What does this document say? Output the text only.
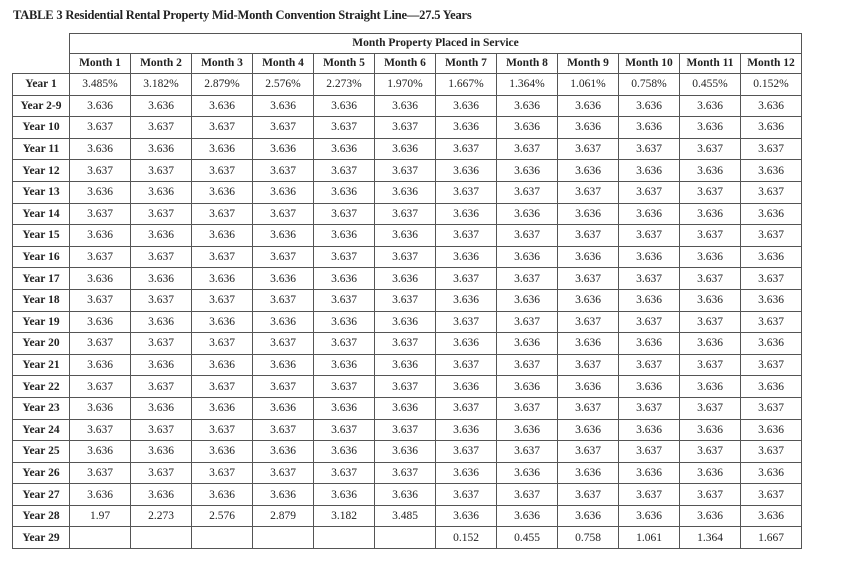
TABLE 3 Residential Rental Property Mid-Month Convention Straight Line—27.5 Years
	Month Property Placed in Service											
	Month 1	Month 2	Month 3	Month 4	Month 5	Month 6	Month 7	Month 8	Month 9	Month 10	Month 11	Month 12
Year 1	3.485%	3.182%	2.879%	2.576%	2.273%	1.970%	1.667%	1.364%	1.061%	0.758%	0.455%	0.152%
Year 2-9	3.636	3.636	3.636	3.636	3.636	3.636	3.636	3.636	3.636	3.636	3.636	3.636
Year 10	3.637	3.637	3.637	3.637	3.637	3.637	3.636	3.636	3.636	3.636	3.636	3.636
Year 11	3.636	3.636	3.636	3.636	3.636	3.636	3.637	3.637	3.637	3.637	3.637	3.637
Year 12	3.637	3.637	3.637	3.637	3.637	3.637	3.636	3.636	3.636	3.636	3.636	3.636
Year 13	3.636	3.636	3.636	3.636	3.636	3.636	3.637	3.637	3.637	3.637	3.637	3.637
Year 14	3.637	3.637	3.637	3.637	3.637	3.637	3.636	3.636	3.636	3.636	3.636	3.636
Year 15	3.636	3.636	3.636	3.636	3.636	3.636	3.637	3.637	3.637	3.637	3.637	3.637
Year 16	3.637	3.637	3.637	3.637	3.637	3.637	3.636	3.636	3.636	3.636	3.636	3.636
Year 17	3.636	3.636	3.636	3.636	3.636	3.636	3.637	3.637	3.637	3.637	3.637	3.637
Year 18	3.637	3.637	3.637	3.637	3.637	3.637	3.636	3.636	3.636	3.636	3.636	3.636
Year 19	3.636	3.636	3.636	3.636	3.636	3.636	3.637	3.637	3.637	3.637	3.637	3.637
Year 20	3.637	3.637	3.637	3.637	3.637	3.637	3.636	3.636	3.636	3.636	3.636	3.636
Year 21	3.636	3.636	3.636	3.636	3.636	3.636	3.637	3.637	3.637	3.637	3.637	3.637
Year 22	3.637	3.637	3.637	3.637	3.637	3.637	3.636	3.636	3.636	3.636	3.636	3.636
Year 23	3.636	3.636	3.636	3.636	3.636	3.636	3.637	3.637	3.637	3.637	3.637	3.637
Year 24	3.637	3.637	3.637	3.637	3.637	3.637	3.636	3.636	3.636	3.636	3.636	3.636
Year 25	3.636	3.636	3.636	3.636	3.636	3.636	3.637	3.637	3.637	3.637	3.637	3.637
Year 26	3.637	3.637	3.637	3.637	3.637	3.637	3.636	3.636	3.636	3.636	3.636	3.636
Year 27	3.636	3.636	3.636	3.636	3.636	3.636	3.637	3.637	3.637	3.637	3.637	3.637
Year 28	1.97	2.273	2.576	2.879	3.182	3.485	3.636	3.636	3.636	3.636	3.636	3.636
Year 29							0.152	0.455	0.758	1.061	1.364	1.667
